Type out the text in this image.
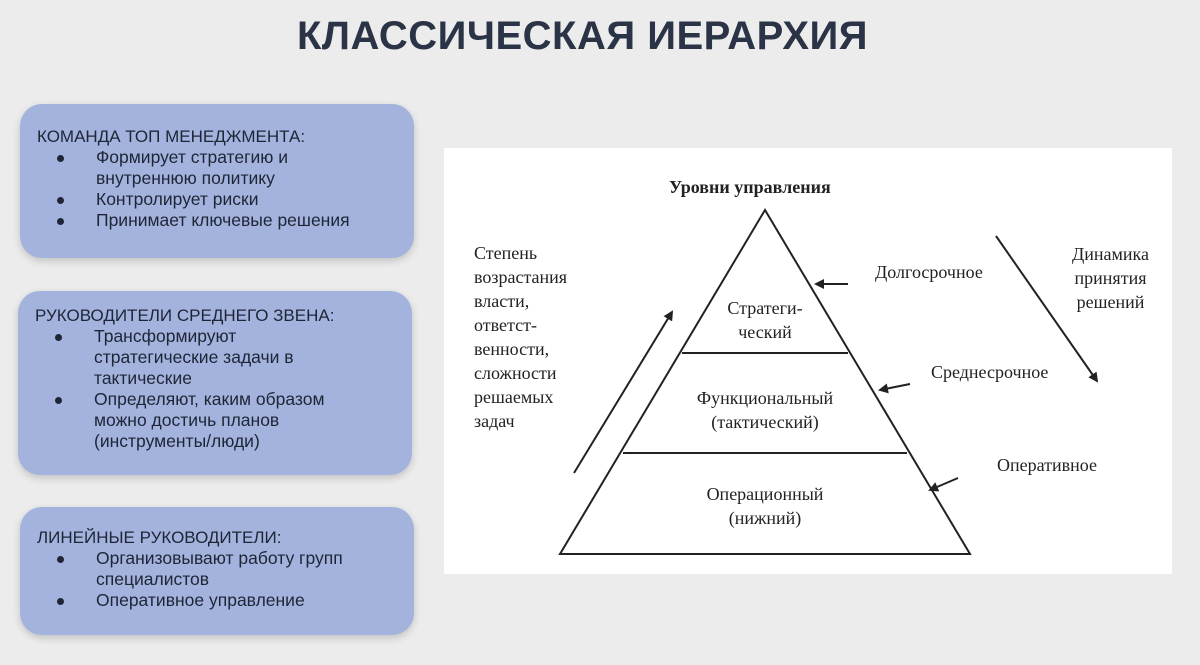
КЛАССИЧЕСКАЯ ИЕРАРХИЯ
КОМАНДА ТОП МЕНЕДЖМЕНТА:
Формирует стратегию и внутреннюю политику
Контролирует риски
Принимает ключевые решения
РУКОВОДИТЕЛИ СРЕДНЕГО ЗВЕНА:
Трансформируют стратегические задачи в тактические
Определяют, каким образом можно достичь планов (инструменты/люди)
ЛИНЕЙНЫЕ РУКОВОДИТЕЛИ:
Организовывают работу групп специалистов
Оперативное управление
Уровни управления
Степень
возрастания
власти,
ответст-
венности,
сложности
решаемых
задач
Динамика
принятия
решений
Стратеги-
ческий
Функциональный
(тактический)
Операционный
(нижний)
Долгосрочное
Среднесрочное
Оперативное
